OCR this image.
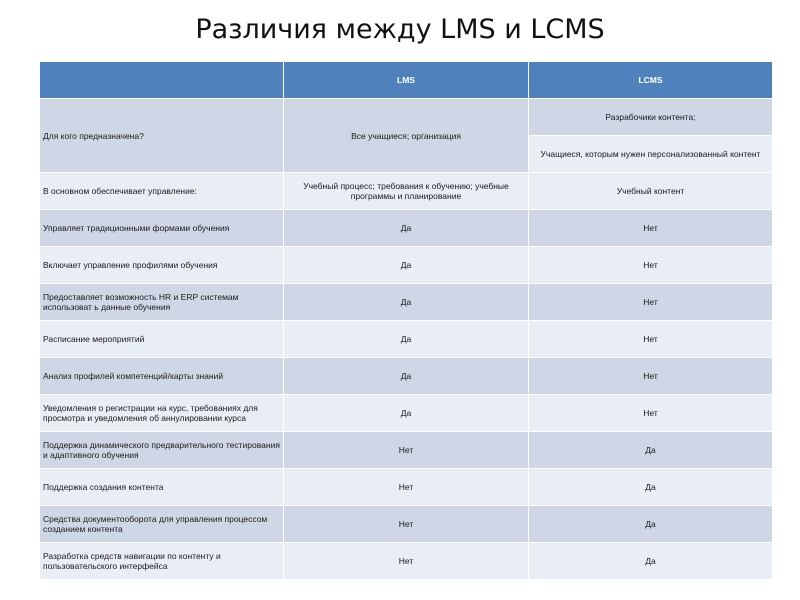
Различия между LMS и LCMS
	LMS	LCMS
Для кого предназначена?	Все учащиеся; организация	Разрабочики контента;
		Учащиеся, которым нужен персонализованный контент
В основном обеспечивает управление:	Учебный процесс; требования к обучению; учебные программы и планирование	Учебный контент
Управляет традиционными формами обучения	Да	Нет
Включает управление профилями обучения	Да	Нет
Предоставляет возможность HR и ERP системам использоват ь данные обучения	Да	Нет
Расписание мероприятий	Да	Нет
Анализ профилей компетенций/карты знаний	Да	Нет
Уведомления о регистрации на курс, требованиях для просмотра и уведомления об аннулировании курса	Да	Нет
Поддержка динамического предварительного тестирования и адаптивного обучения	Нет	Да
Поддержка создания контента	Нет	Да
Средства документооборота для управления процессом созданием контента	Нет	Да
Разработка средств навигации по контенту и пользовательского интерфейса	Нет	Да
